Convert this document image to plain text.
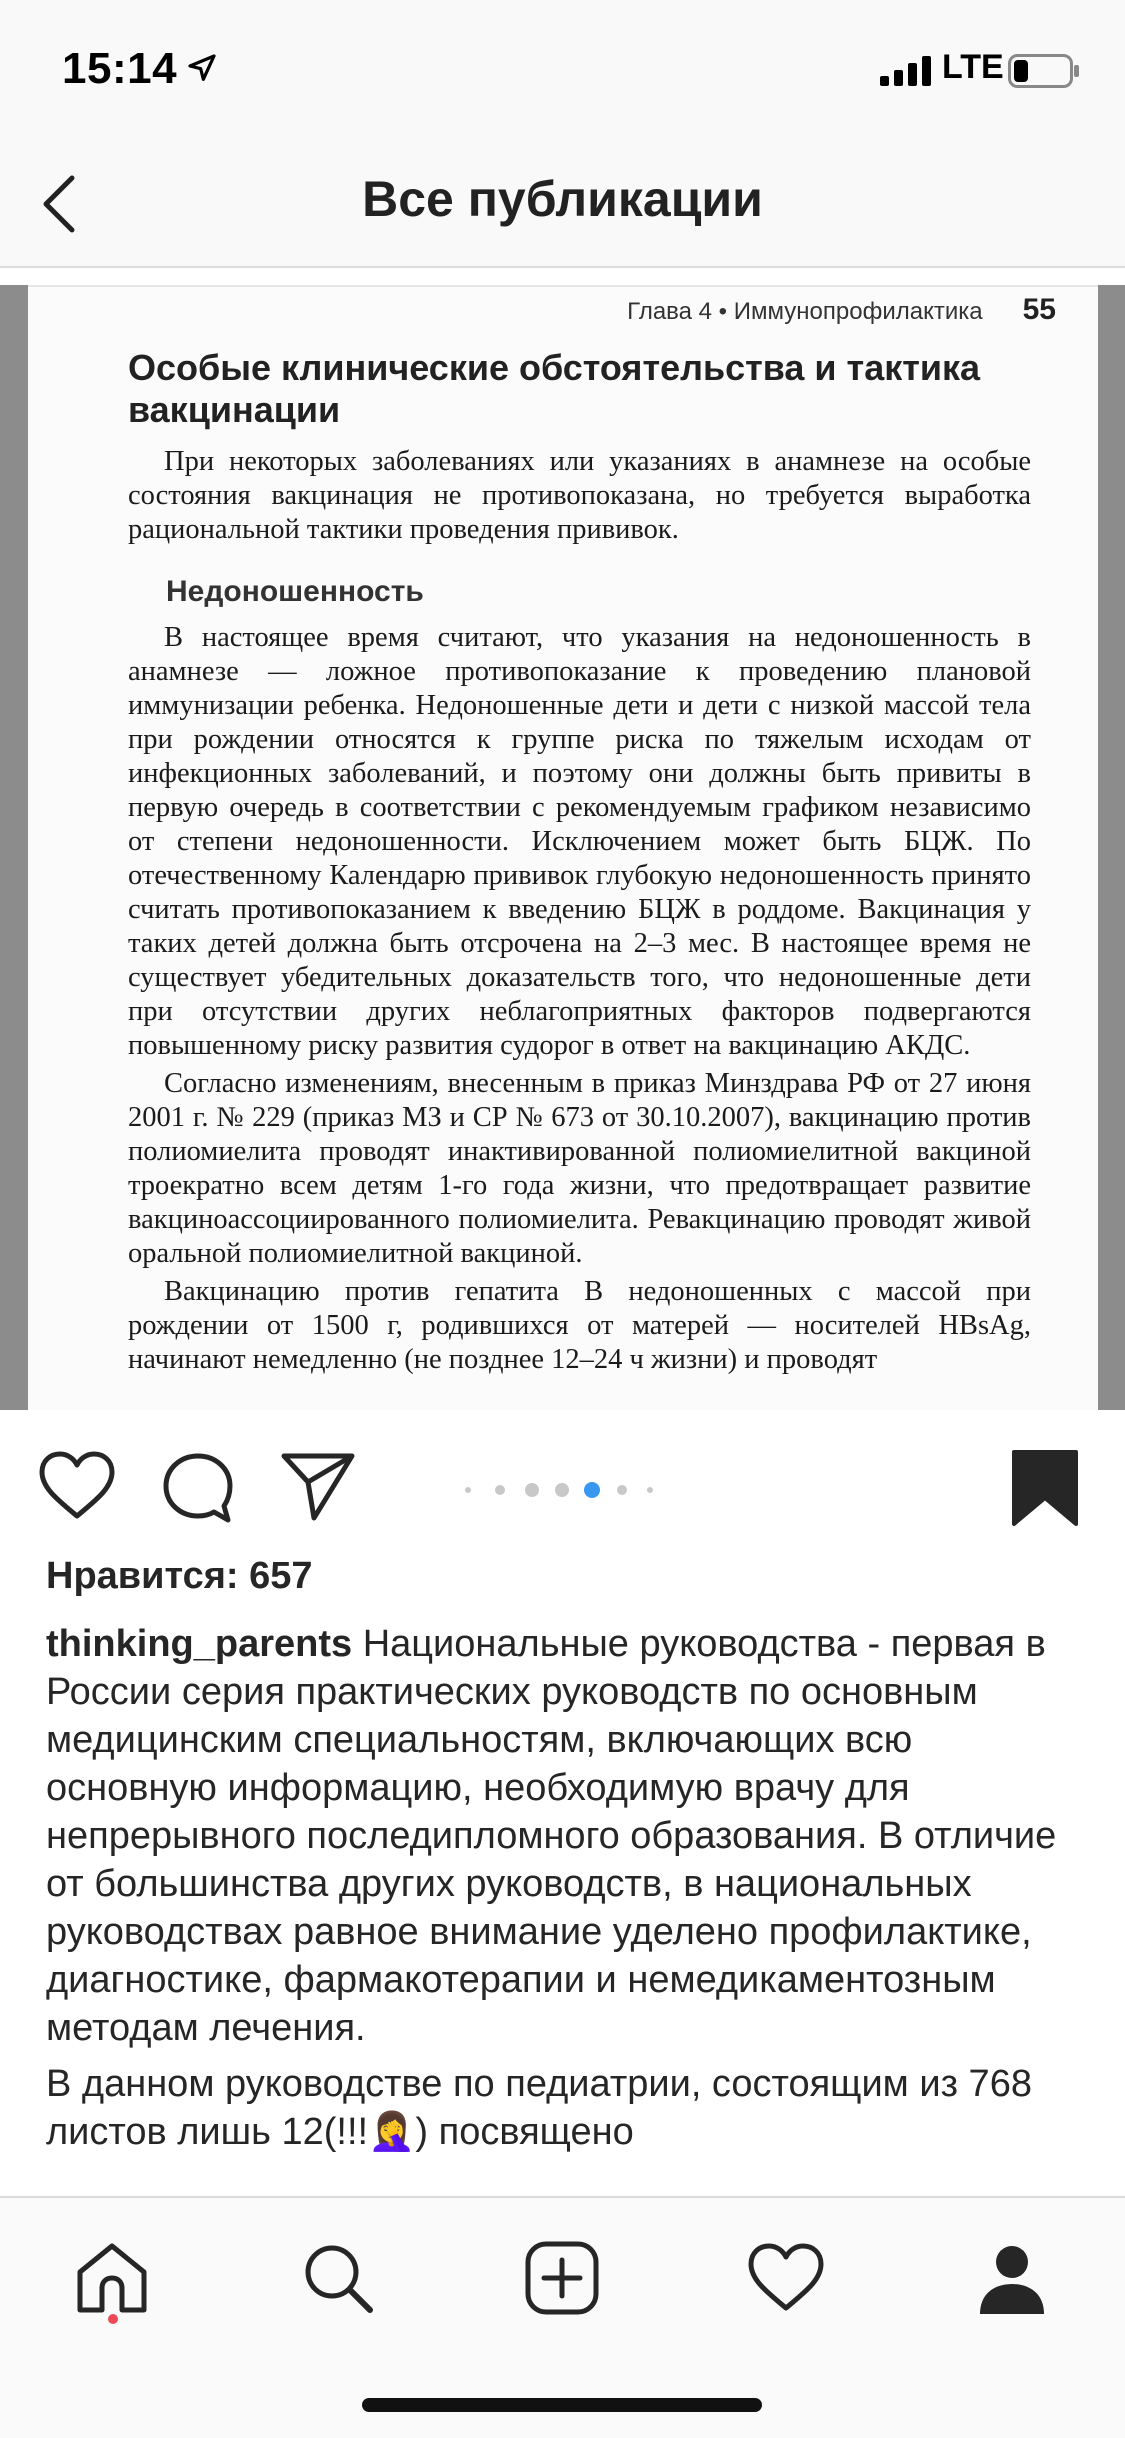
15:14	LTE
Все публикации
Глава 4 • Иммунопрофилактика 55
Особые клинические обстоятельства и тактика вакцинации
При некоторых заболеваниях или указаниях в анамнезе на особые состояния вакцинация не противопоказана, но требуется выработка рациональной тактики проведения прививок.
Недоношенность

В настоящее время считают, что указания на недоношенность в анамнезе — ложное противопоказание к проведению плановой иммунизации ребенка. Недоношенные дети и дети с низкой массой тела при рождении относятся к группе риска по тяжелым исходам от инфекционных заболеваний, и поэтому они должны быть привиты в первую очередь в соответствии с рекомендуемым графиком независимо от степени недоношенности. Исключением может быть БЦЖ. По отечественному Календарю прививок глубокую недоношенность принято считать противопоказанием к введению БЦЖ в роддоме. Вакцинация у таких детей должна быть отсрочена на 2–3 мес. В настоящее время не существует убедительных доказательств того, что недоношенные дети при отсутствии других неблагоприятных факторов подвергаются повышенному риску развития судорог в ответ на вакцинацию АКДС.

Согласно изменениям, внесенным в приказ Минздрава РФ от 27 июня 2001 г. № 229 (приказ МЗ и СР № 673 от 30.10.2007), вакцинацию против полиомиелита проводят инактивированной полиомиелитной вакциной троекратно всем детям 1-го года жизни, что предотвращает развитие вакциноассоциированного полиомиелита. Ревакцинацию проводят живой оральной полиомиелитной вакциной.

Вакцинацию против гепатита B недоношенных с массой при рождении от 1500 г, родившихся от матерей — носителей HBsAg, начинают немедленно (не позднее 12–24 ч жизни) и проводят

Нравится: 657

thinking_parents Национальные руководства - первая в России серия практических руководств по основным медицинским специальностям, включающих всю основную информацию, необходимую врачу для непрерывного последипломного образования. В отличие от большинства других руководств, в национальных руководствах равное внимание уделено профилактике, диагностике, фармакотерапии и немедикаментозным методам лечения.

В данном руководстве по педиатрии, состоящим из 768 листов лишь 12(!!!🤦‍♀️) посвящено
